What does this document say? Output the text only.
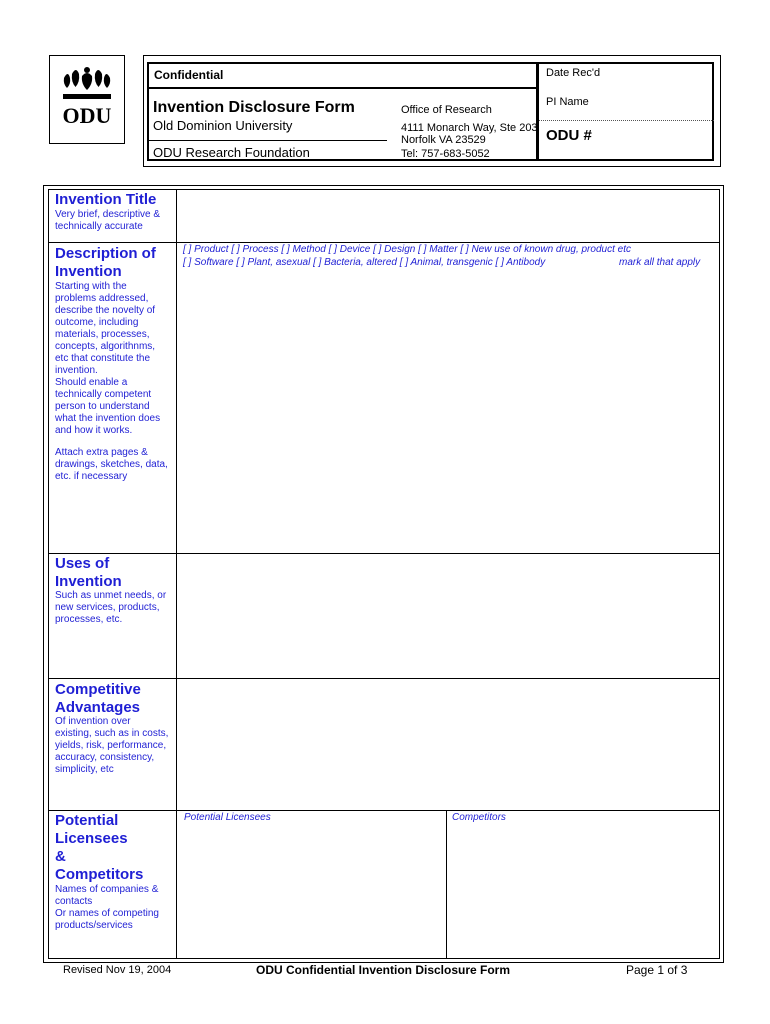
ODU
Confidential
Invention Disclosure Form
Old Dominion University
ODU Research Foundation
Office of Research
4111 Monarch Way, Ste 203
Norfolk VA 23529
Tel: 757-683-5052
Date Rec'd
PI Name
ODU #
Invention Title
Very brief, descriptive &
technically accurate
Description of
Invention
Starting with the
problems addressed,
describe the novelty of
outcome, including
materials, processes,
concepts, algorithnms,
etc that constitute the
invention.
Should enable a
technically competent
person to understand
what the invention does
and how it works.
Attach extra pages &
drawings, sketches, data,
etc. if necessary
[ ] Product [ ] Process [ ] Method [ ] Device [ ] Design [ ] Matter [ ] New use of known drug, product etc
[ ] Software [ ] Plant, asexual [ ] Bacteria, altered [ ] Animal, transgenic [ ] Antibody	mark all that apply
Uses of
Invention
Such as unmet needs, or
new services, products,
processes, etc.
Competitive
Advantages
Of invention over
existing, such as in costs,
yields, risk, performance,
accuracy, consistency,
simplicity, etc
Potential
Licensees
&
Competitors
Names of companies &
contacts
Or names of competing
products/services
Potential Licensees	Competitors
Revised Nov 19, 2004	ODU Confidential Invention Disclosure Form	Page 1 of 3
